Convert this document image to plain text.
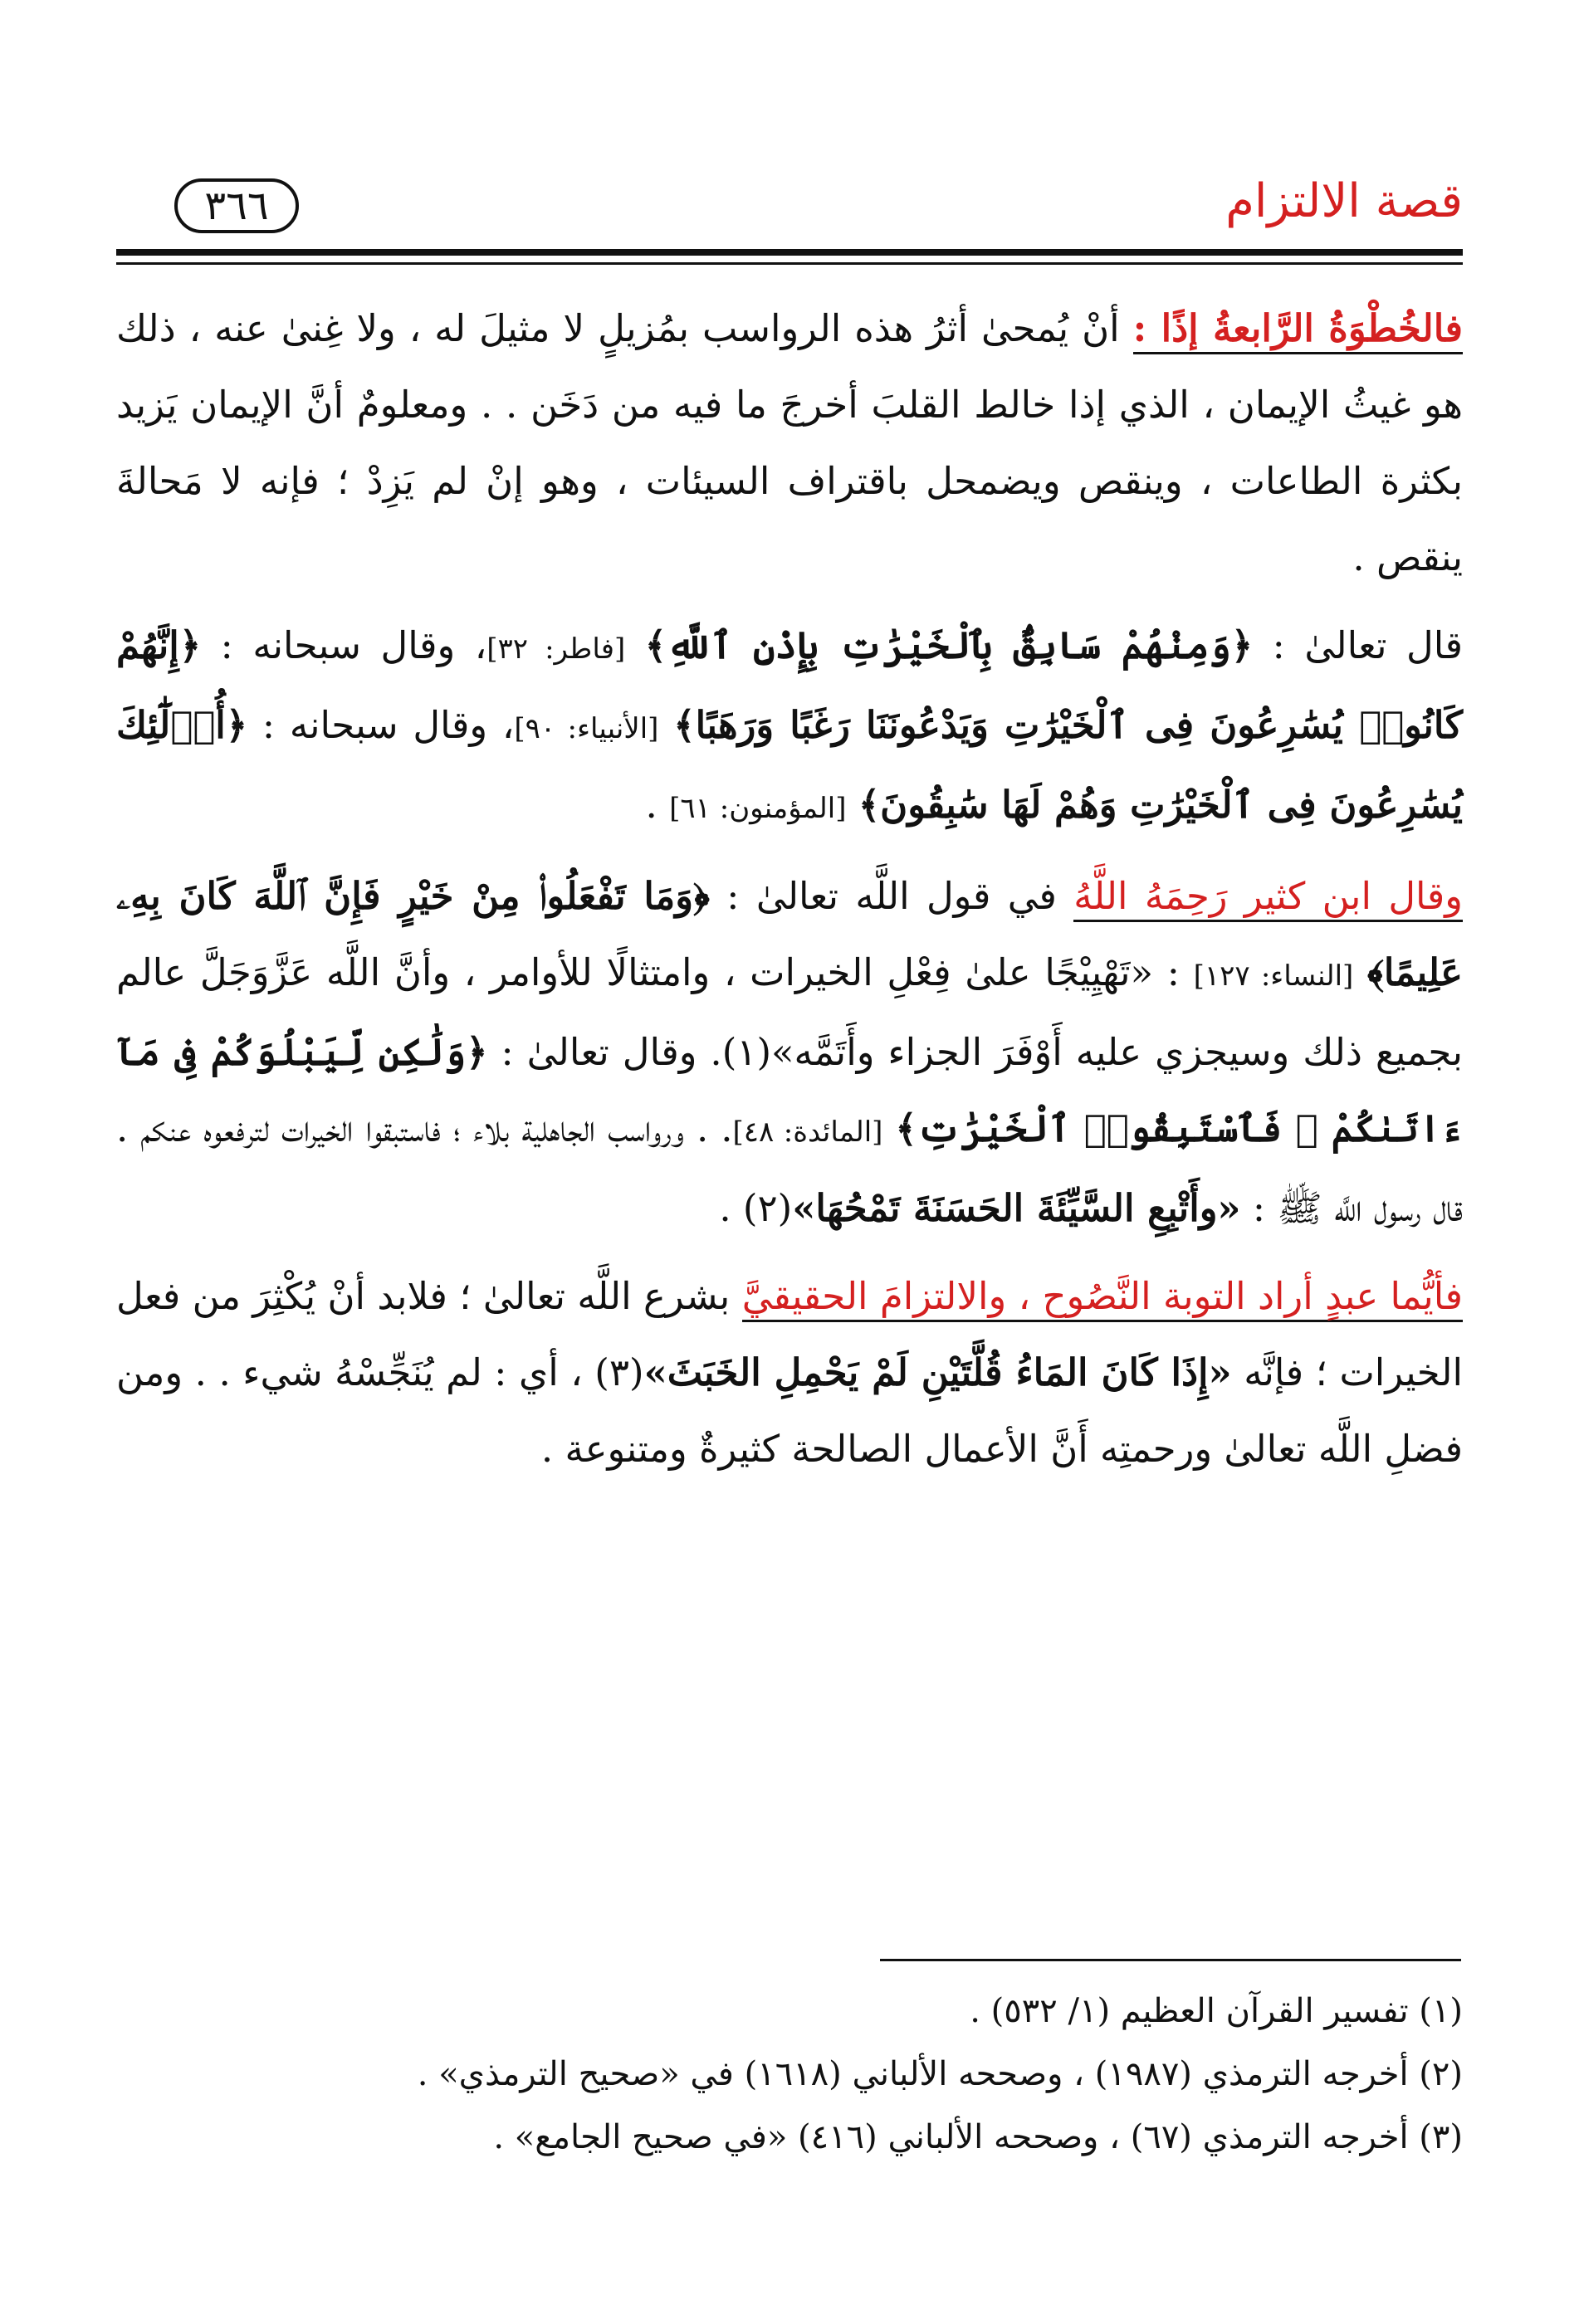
قصة الالتزام
٣٦٦

فالخُطْوَةُ الرَّابعةُ إذًا : أنْ يُمحىٰ أثرُ هذه الرواسب بمُزيلٍ لا مثيلَ له ، ولا غِنىٰ عنه ، ذلك هو غيثُ الإيمان ، الذي إذا خالط القلبَ أخرجَ ما فيه من دَخَن . . ومعلومٌ أنَّ الإيمان يَزيد بكثرة الطاعات ، وينقص ويضمحل باقتراف السيئات ، وهو إنْ لم يَزِدْ ؛ فإنه لا مَحالةَ ينقص .

قال تعالىٰ : ﴿وَمِنْهُمْ سَابِقٌۢ بِٱلْخَيْرَٰتِ بِإِذْنِ ٱللَّهِ﴾ [فاطر: ٣٢]، وقال سبحانه : ﴿إِنَّهُمْ كَانُوا۟ يُسَٰرِعُونَ فِى ٱلْخَيْرَٰتِ وَيَدْعُونَنَا رَغَبًا وَرَهَبًا﴾ [الأنبياء: ٩٠]، وقال سبحانه : ﴿أُو۟لَٰٓئِكَ يُسَٰرِعُونَ فِى ٱلْخَيْرَٰتِ وَهُمْ لَهَا سَٰبِقُونَ﴾ [المؤمنون: ٦١] .

وقال ابن كثير رَحِمَهُ اللَّهُ في قول اللَّه تعالىٰ : ﴿وَمَا تَفْعَلُوا۟ مِنْ خَيْرٍ فَإِنَّ ٱللَّهَ كَانَ بِهِۦ عَلِيمًا﴾ [النساء: ١٢٧] : «تَهْيِيْجًا علىٰ فِعْلِ الخيرات ، وامتثالًا للأوامر ، وأنَّ اللَّه عَزَّوَجَلَّ عالم بجميع ذلك وسيجزي عليه أَوْفَرَ الجزاء وأَتَمَّه»(١). وقال تعالىٰ : ﴿وَلَٰكِن لِّيَبْلُوَكُمْ فِى مَآ ءَاتَىٰكُمْ ۖ فَٱسْتَبِقُوا۟ ٱلْخَيْرَٰتِ﴾ [المائدة: ٤٨]. . ورواسب الجاهلية بلاء ؛ فاستبقوا الخيرات لترفعوه عنكم . قال رسول اللَّه ﷺ : «وأَتْبِعِ السَّيِّئَةَ الحَسَنَةَ تَمْحُهَا»(٢) .

فأيُّما عبدٍ أراد التوبة النَّصُوح ، والالتزامَ الحقيقيَّ بشرع اللَّه تعالىٰ ؛ فلابد أنْ يُكْثِرَ من فعل الخيرات ؛ فإنَّه «إِذَا كَانَ المَاءُ قُلَّتَيْنِ لَمْ يَحْمِلِ الخَبَثَ»(٣) ، أي : لم يُنَجِّسْهُ شيء . . ومن فضلِ اللَّه تعالىٰ ورحمتِه أَنَّ الأعمال الصالحة كثيرةٌ ومتنوعة .

(١) تفسير القرآن العظيم (١/ ٥٣٢) .
(٢) أخرجه الترمذي (١٩٨٧) ، وصححه الألباني (١٦١٨) في «صحيح الترمذي» .
(٣) أخرجه الترمذي (٦٧) ، وصححه الألباني (٤١٦) «في صحيح الجامع» .
